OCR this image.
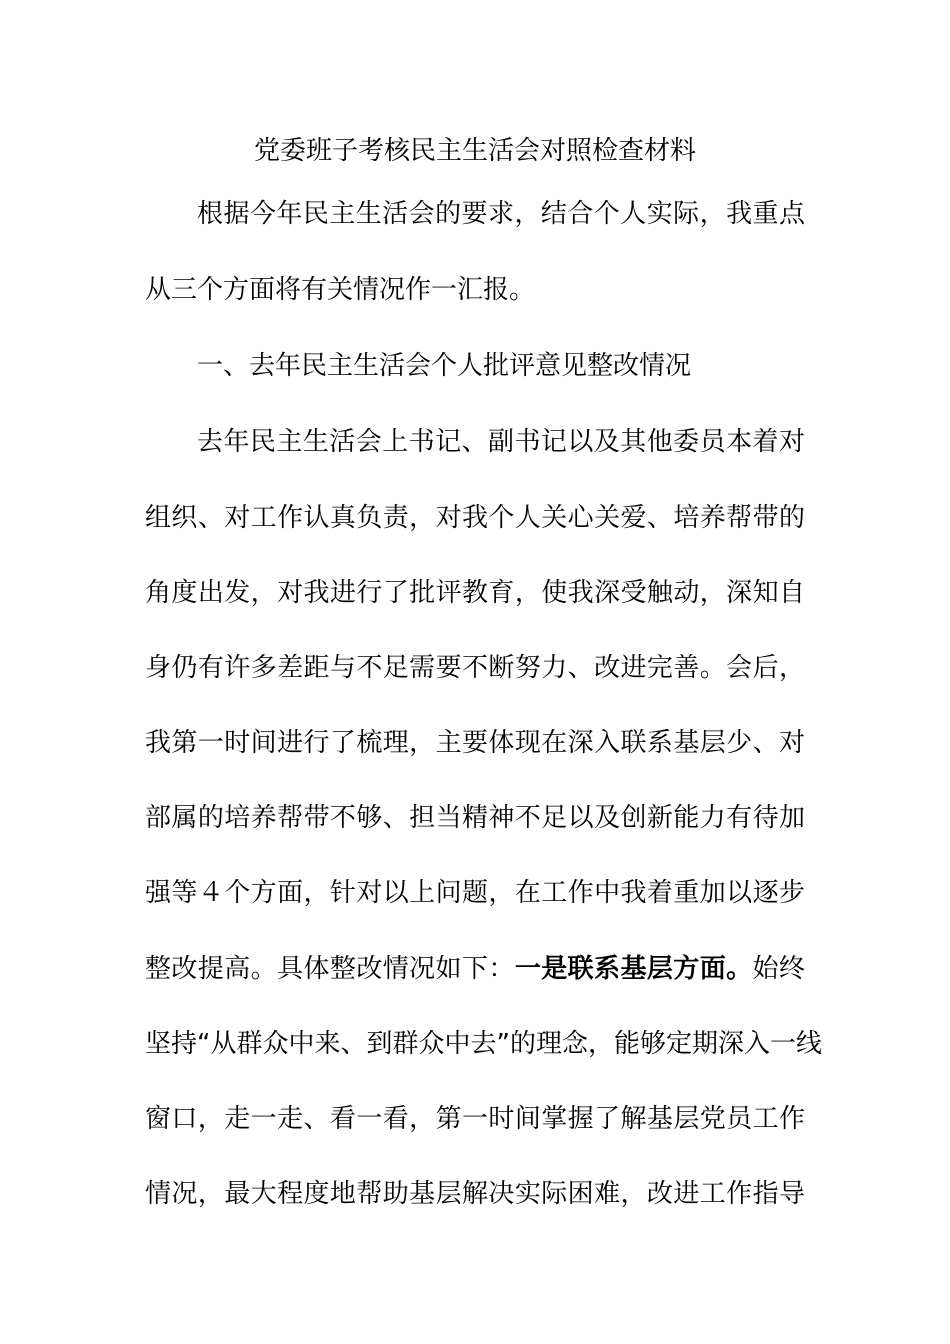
党委班子考核民主生活会对照检查材料
根据今年民主生活会的要求，结合个人实际，我重点
从三个方面将有关情况作一汇报。
一、去年民主生活会个人批评意见整改情况
去年民主生活会上书记、副书记以及其他委员本着对
组织、对工作认真负责，对我个人关心关爱、培养帮带的
角度出发，对我进行了批评教育，使我深受触动，深知自
身仍有许多差距与不足需要不断努力、改进完善。会后，
我第一时间进行了梳理，主要体现在深入联系基层少、对
部属的培养帮带不够、担当精神不足以及创新能力有待加
强等４个方面，针对以上问题，在工作中我着重加以逐步
整改提高。具体整改情况如下：一是联系基层方面。始终
坚持“从群众中来、到群众中去”的理念，能够定期深入一线
窗口，走一走、看一看，第一时间掌握了解基层党员工作
情况，最大程度地帮助基层解决实际困难，改进工作指导
